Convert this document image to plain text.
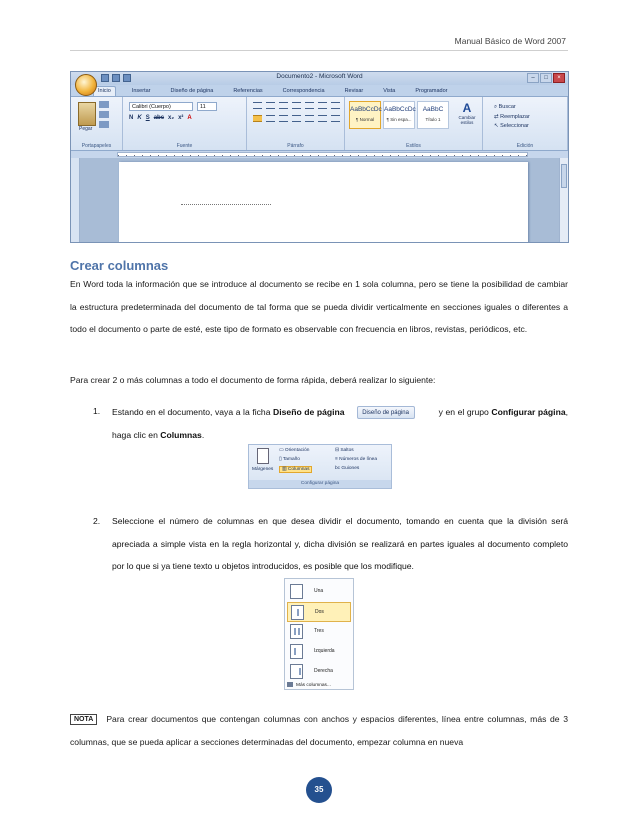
Manual Básico de Word 2007
Documento2 - Microsoft Word	–	□	×
Inicio	Insertar	Diseño de página	Referencias	Correspondencia	Revisar	Vista	Programador
Pegar
Portapapeles
Calibri (Cuerpo)	11
N K S abc x₂ x² A
Fuente	Párrafo
AaBbCcDc
¶ Normal
AaBbCcDc
¶ Sin espa...
AaBbC
Título 1
A
Cambiar estilos
Estilos
⌕ Buscar
⇄ Reemplazar
↖ Seleccionar
Edición
Crear columnas
En Word toda la información que se introduce al documento se recibe en 1 sola columna, pero se tiene la posibilidad de cambiar la estructura predeterminada del documento de tal forma que se pueda dividir verticalmente en secciones iguales o diferentes a todo el documento o parte de esté, este tipo de formato es observable con frecuencia en libros, revistas, periódicos, etc.
Para crear 2 o más columnas a todo el documento de forma rápida, deberá realizar lo siguiente:
1. Estando en el documento, vaya a la ficha Diseño de página	Diseño de página	y en el grupo Configurar página, haga clic en Columnas.
Márgenes
▭ Orientación
▯ Tamaño
▥ Columnas
⊟ Saltos
≡ Números de línea
bc Guiones
Configurar página
2. Seleccione el número de columnas en que desea dividir el documento, tomando en cuenta que la división será apreciada a simple vista en la regla horizontal y, dicha división se realizará en partes iguales al documento completo por lo que si ya tiene texto u objetos introducidos, es posible que los modifique.
Una
Dos
Tres
Izquierda
Derecha
Más columnas...
NOTA Para crear documentos que contengan columnas con anchos y espacios diferentes, línea entre columnas, más de 3 columnas, que se pueda aplicar a secciones determinadas del documento, empezar columna en nueva
35
